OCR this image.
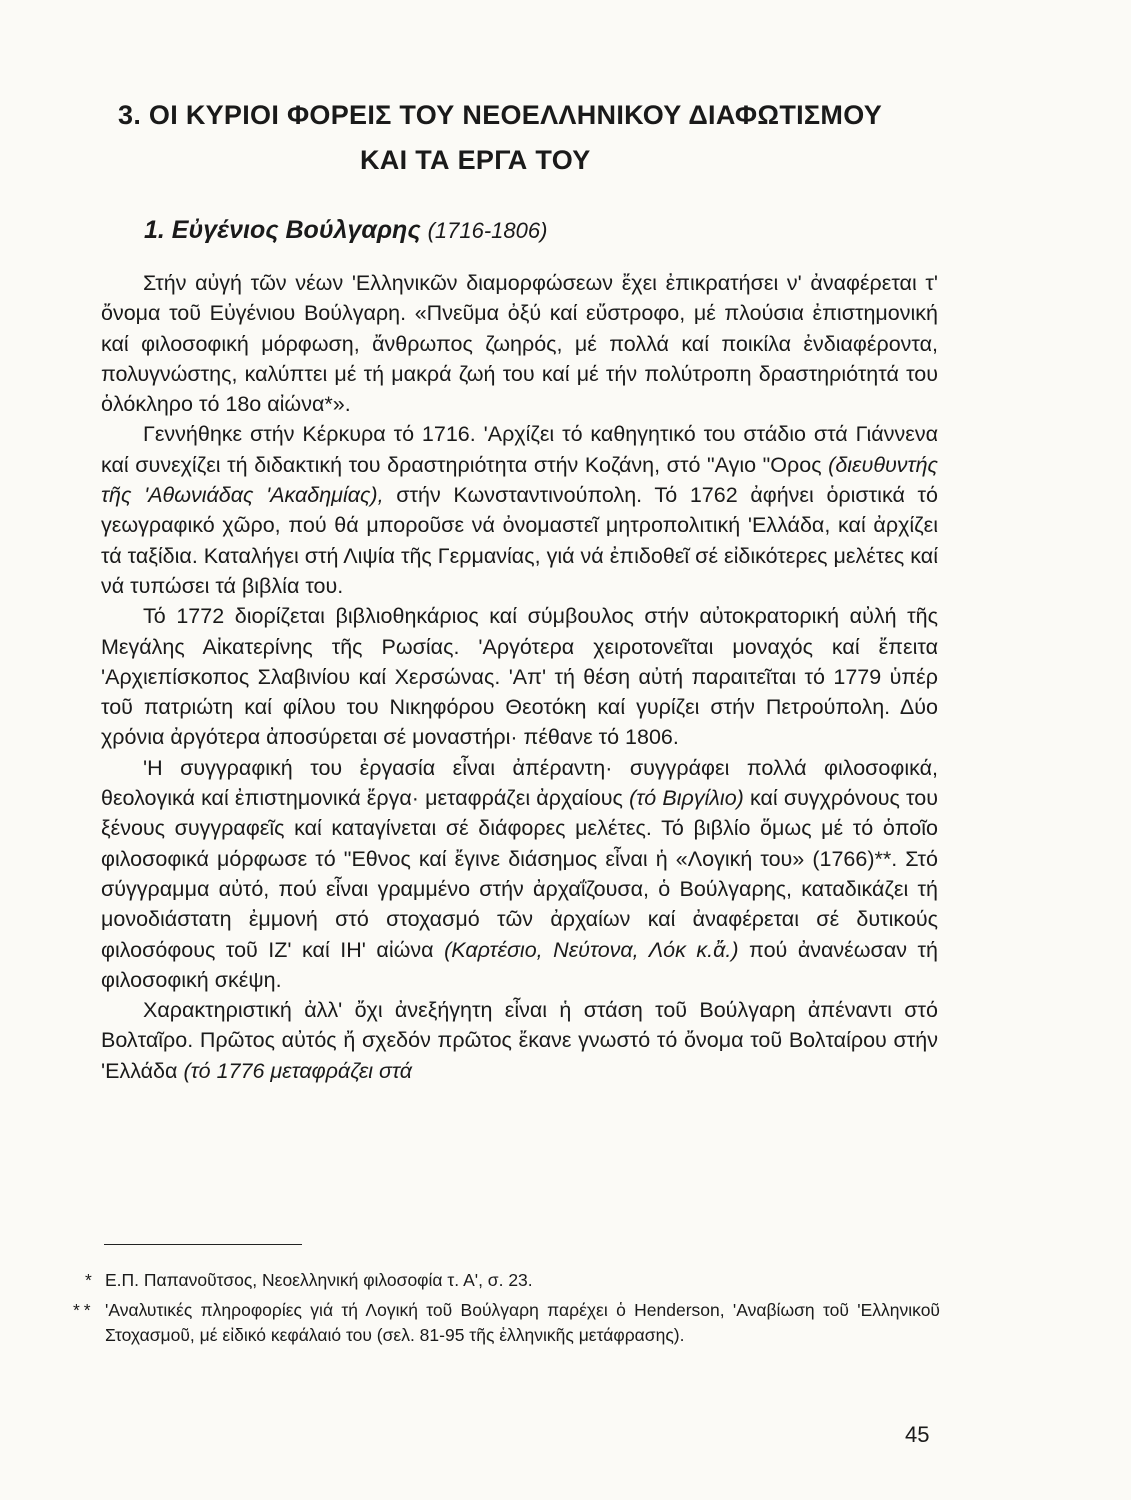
3. ΟΙ ΚΥΡΙΟΙ ΦΟΡΕΙΣ ΤΟΥ ΝΕΟΕΛΛΗΝΙΚΟΥ ΔΙΑΦΩΤΙΣΜΟΥ
ΚΑΙ ΤΑ ΕΡΓΑ ΤΟΥ
1. Εὐγένιος Βούλγαρης (1716-1806)

Στήν αὐγή τῶν νέων 'Ελληνικῶν διαμορφώσεων ἔχει ἐπικρατήσει ν' ἀναφέρεται τ' ὄνομα τοῦ Εὐγένιου Βούλγαρη. «Πνεῦμα ὀξύ καί εὔστροφο, μέ πλούσια ἐπιστημονική καί φιλοσοφική μόρφωση, ἄνθρωπος ζωηρός, μέ πολλά καί ποικίλα ἐνδιαφέροντα, πολυγνώστης, καλύπτει μέ τή μακρά ζωή του καί μέ τήν πολύτροπη δραστηριότητά του ὁλόκληρο τό 18ο αἰώνα*».

Γεννήθηκε στήν Κέρκυρα τό 1716. 'Αρχίζει τό καθηγητικό του στάδιο στά Γιάννενα καί συνεχίζει τή διδακτική του δραστηριότητα στήν Κοζάνη, στό "Αγιο "Ορος (διευθυντής τῆς 'Αθωνιάδας 'Ακαδημίας), στήν Κωνσταντινούπολη. Τό 1762 ἀφήνει ὁριστικά τό γεωγραφικό χῶρο, πού θά μποροῦσε νά ὀνομαστεῖ μητροπολιτική 'Ελλάδα, καί ἀρχίζει τά ταξίδια. Καταλήγει στή Λιψία τῆς Γερμανίας, γιά νά ἐπιδοθεῖ σέ εἰδικότερες μελέτες καί νά τυπώσει τά βιβλία του.

Τό 1772 διορίζεται βιβλιοθηκάριος καί σύμβουλος στήν αὐτοκρατορική αὐλή τῆς Μεγάλης Αἰκατερίνης τῆς Ρωσίας. 'Αργότερα χειροτονεῖται μοναχός καί ἔπειτα 'Αρχιεπίσκοπος Σλαβινίου καί Χερσώνας. 'Απ' τή θέση αὐτή παραιτεῖται τό 1779 ὑπέρ τοῦ πατριώτη καί φίλου του Νικηφόρου Θεοτόκη καί γυρίζει στήν Πετρούπολη. Δύο χρόνια ἀργότερα ἀποσύρεται σέ μοναστήρι· πέθανε τό 1806.

'Η συγγραφική του ἐργασία εἶναι ἀπέραντη· συγγράφει πολλά φιλοσοφικά, θεολογικά καί ἐπιστημονικά ἔργα· μεταφράζει ἀρχαίους (τό Βιργίλιο) καί συγχρόνους του ξένους συγγραφεῖς καί καταγίνεται σέ διάφορες μελέτες. Τό βιβλίο ὅμως μέ τό ὁποῖο φιλοσοφικά μόρφωσε τό "Εθνος καί ἔγινε διάσημος εἶναι ἡ «Λογική του» (1766)**. Στό σύγγραμμα αὐτό, πού εἶναι γραμμένο στήν ἀρχαΐζουσα, ὁ Βούλγαρης, καταδικάζει τή μονοδιάστατη ἐμμονή στό στοχασμό τῶν ἀρχαίων καί ἀναφέρεται σέ δυτικούς φιλοσόφους τοῦ ΙΖ' καί ΙΗ' αἰώνα (Καρτέσιο, Νεύτονα, Λόκ κ.ἄ.) πού ἀνανέωσαν τή φιλοσοφική σκέψη.

Χαρακτηριστική ἀλλ' ὄχι ἀνεξήγητη εἶναι ἡ στάση τοῦ Βούλγαρη ἀπέναντι στό Βολταῖρο. Πρῶτος αὐτός ἤ σχεδόν πρῶτος ἔκανε γνωστό τό ὄνομα τοῦ Βολταίρου στήν 'Ελλάδα (τό 1776 μεταφράζει στά

* Ε.Π. Παπανοῦτσος, Νεοελληνική φιλοσοφία τ. Α', σ. 23.
** 'Αναλυτικές πληροφορίες γιά τή Λογική τοῦ Βούλγαρη παρέχει ὁ Henderson, 'Αναβίωση τοῦ 'Ελληνικοῦ Στοχασμοῦ, μέ εἰδικό κεφάλαιό του (σελ. 81-95 τῆς ἑλληνικῆς μετάφρασης).
45
